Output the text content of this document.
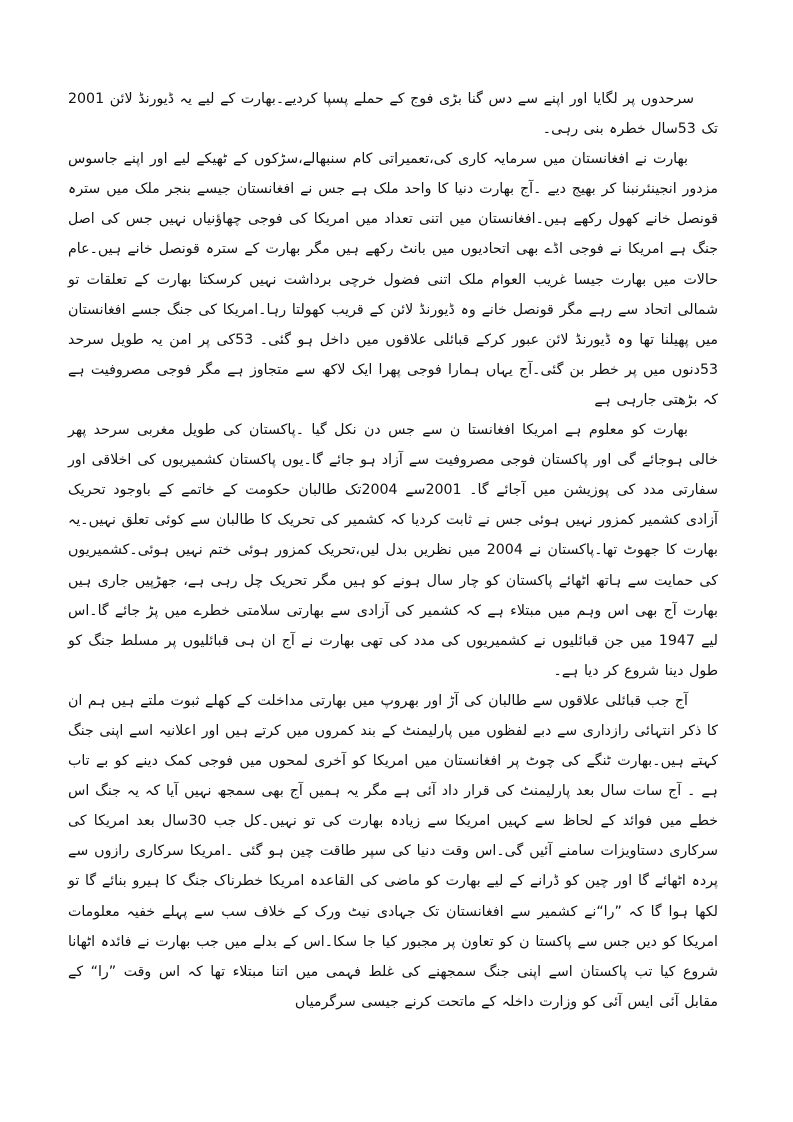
سرحدوں پر لگایا اور اپنے سے دس گنا بڑی فوج کے حملے پسپا کردیے۔بھارت کے لیے یہ ڈیورنڈ لائن 2001 تک 53سال خطرہ بنی رہی۔

بھارت نے افغانستان میں سرمایہ کاری کی،تعمیراتی کام سنبھالے،سڑکوں کے ٹھیکے لیے اور اپنے جاسوس مزدور انجینئرنبنا کر بھیج دیے ۔آج بھارت دنیا کا واحد ملک ہے جس نے افغانستان جیسے بنجر ملک میں سترہ قونصل خانے کھول رکھے ہیں۔افغانستان میں اتنی تعداد میں امریکا کی فوجی چھاؤنیاں نہیں جس کی اصل جنگ ہے امریکا نے فوجی اڈے بھی اتحادیوں میں بانٹ رکھے ہیں مگر بھارت کے سترہ قونصل خانے ہیں۔عام حالات میں بھارت جیسا غریب العوام ملک اتنی فضول خرچی برداشت نہیں کرسکتا بھارت کے تعلقات تو شمالی اتحاد سے رہے مگر قونصل خانے وہ ڈیورنڈ لائن کے قریب کھولتا رہا۔امریکا کی جنگ جسے افغانستان میں پھیلنا تھا وہ ڈیورنڈ لائن عبور کرکے قبائلی علاقوں میں داخل ہو گئی۔ 53کی پر امن یہ طویل سرحد 53دنوں میں پر خطر بن گئی۔آج یہاں ہمارا فوجی پھرا ایک لاکھ سے متجاوز ہے مگر فوجی مصروفیت ہے کہ بڑھتی جارہی ہے

بھارت کو معلوم ہے امریکا افغانستا ن سے جس دن نکل گیا ۔پاکستان کی طویل مغربی سرحد پھر خالی ہوجائے گی اور پاکستان فوجی مصروفیت سے آزاد ہو جائے گا۔یوں پاکستان کشمیریوں کی اخلاقی اور سفارتی مدد کی پوزیشن میں آجائے گا۔ 2001سے 2004تک طالبان حکومت کے خاتمے کے باوجود تحریک آزادی کشمیر کمزور نہیں ہوئی جس نے ثابت کردیا کہ کشمیر کی تحریک کا طالبان سے کوئی تعلق نہیں۔یہ بھارت کا جھوٹ تھا۔پاکستان نے 2004 میں نظریں بدل لیں،تحریک کمزور ہوئی ختم نہیں ہوئی۔کشمیریوں کی حمایت سے ہاتھ اٹھائے پاکستان کو چار سال ہونے کو ہیں مگر تحریک چل رہی ہے، جھڑپیں جاری ہیں بھارت آج بھی اس وہم میں مبتلاء ہے کہ کشمیر کی آزادی سے بھارتی سلامتی خطرے میں پڑ جائے گا۔اس لیے 1947 میں جن قبائلیوں نے کشمیریوں کی مدد کی تھی بھارت نے آج ان ہی قبائلیوں پر مسلط جنگ کو طول دینا شروع کر دیا ہے۔

آج جب قبائلی علاقوں سے طالبان کی آڑ اور بھروپ میں بھارتی مداخلت کے کھلے ثبوت ملتے ہیں ہم ان کا ذکر انتہائی رازداری سے دبے لفظوں میں پارلیمنٹ کے بند کمروں میں کرتے ہیں اور اعلانیہ اسے اپنی جنگ کہتے ہیں۔بھارت ٹنگے کی چوٹ پر افغانستان میں امریکا کو آخری لمحوں میں فوجی کمک دینے کو بے تاب ہے ۔ آج سات سال بعد پارلیمنٹ کی قرار داد آئی ہے مگر یہ ہمیں آج بھی سمجھ نہیں آیا کہ یہ جنگ اس خطے میں فوائد کے لحاظ سے کہیں امریکا سے زیادہ بھارت کی تو نہیں۔کل جب 30سال بعد امریکا کی سرکاری دستاویزات سامنے آئیں گی۔اس وقت دنیا کی سپر طاقت چین ہو گئی ۔امریکا سرکاری رازوں سے پردہ اٹھائے گا اور چین کو ڈرانے کے لیے بھارت کو ماضی کی القاعدہ امریکا خطرناک جنگ کا ہیرو بنائے گا تو لکھا ہوا گا کہ ”را“نے کشمیر سے افغانستان تک جہادی نیٹ ورک کے خلاف سب سے پہلے خفیہ معلومات امریکا کو دیں جس سے پاکستا ن کو تعاون پر مجبور کیا جا سکا۔اس کے بدلے میں جب بھارت نے فائدہ اٹھانا شروع کیا تب پاکستان اسے اپنی جنگ سمجھنے کی غلط فہمی میں اتنا مبتلاء تھا کہ اس وقت ”را“ کے مقابل آئی ایس آئی کو وزارت داخلہ کے ماتحت کرنے جیسی سرگرمیاں
